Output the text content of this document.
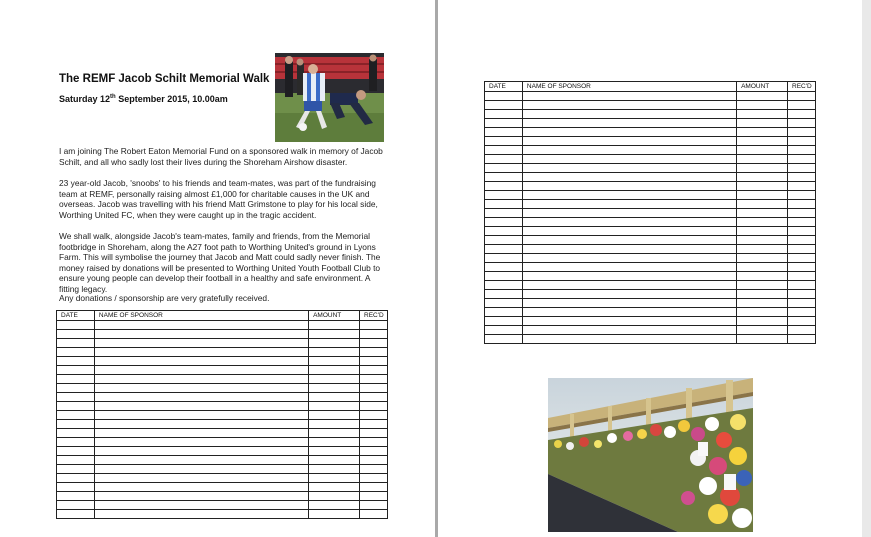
The REMF Jacob Schilt Memorial Walk
Saturday 12th September 2015, 10.00am

I am joining The Robert Eaton Memorial Fund on a sponsored walk in memory of Jacob Schilt, and all who sadly lost their lives during the Shoreham Airshow disaster.

23 year-old Jacob, 'snoobs' to his friends and team-mates, was part of the fundraising team at REMF, personally raising almost £1,000 for charitable causes in the UK and overseas. Jacob was travelling with his friend Matt Grimstone to play for his local side, Worthing United FC, when they were caught up in the tragic accident.

We shall walk, alongside Jacob's team-mates, family and friends, from the Memorial footbridge in Shoreham, along the A27 foot path to Worthing United's ground in Lyons Farm. This will symbolise the journey that Jacob and Matt could sadly never finish. The money raised by donations will be presented to Worthing United Youth Football Club to ensure young people can develop their football in a healthy and safe environment. A fitting legacy.

Any donations / sponsorship are very gratefully received.

DATE	NAME OF SPONSOR	AMOUNT	REC'D

DATE	NAME OF SPONSOR	AMOUNT	REC'D
